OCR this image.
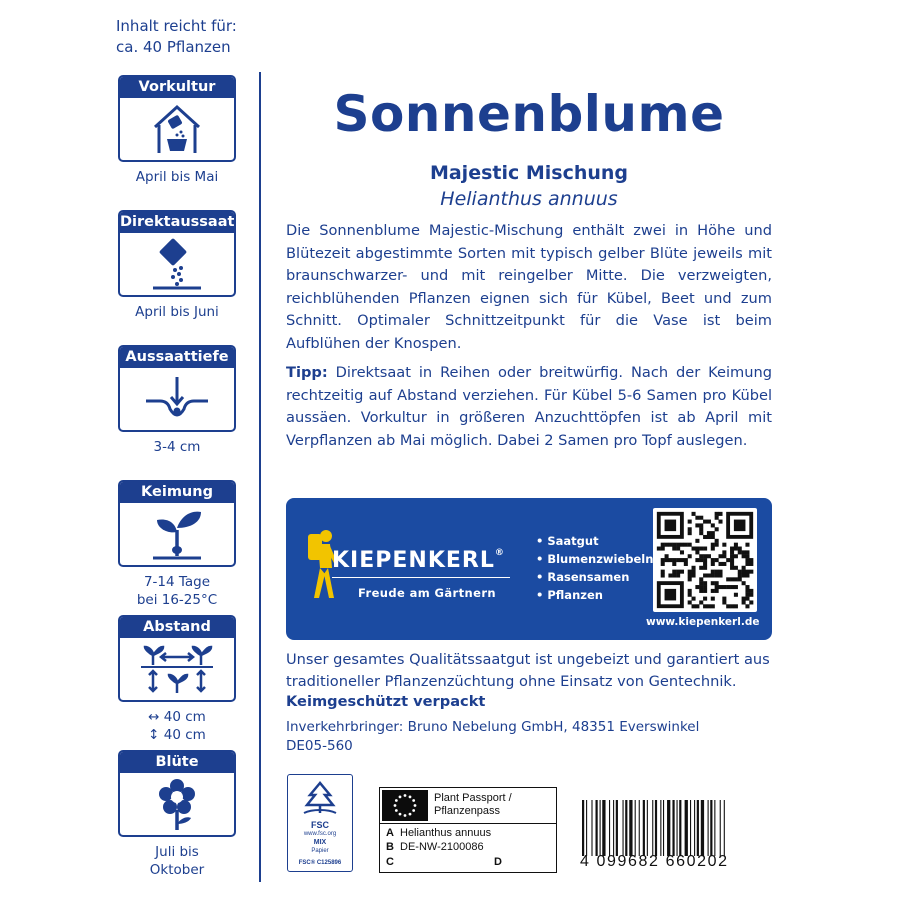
Inhalt reicht für:
ca. 40 Pflanzen
Vorkultur
April bis Mai
Direktaussaat
April bis Juni
Aussaattiefe
3-4 cm
Keimung
7-14 Tage
bei 16-25°C
Abstand
↔ 40 cm
↕ 40 cm
Blüte
Juli bis
Oktober
Sonnenblume
Majestic Mischung
Helianthus annuus
Die Sonnenblume Majestic-Mischung enthält zwei in Höhe und Blütezeit abgestimmte Sorten mit typisch gelber Blüte jeweils mit braunschwarzer- und mit reingelber Mitte. Die verzweigten, reichblühenden Pflanzen eignen sich für Kübel, Beet und zum Schnitt. Optimaler Schnittzeitpunkt für die Vase ist beim Aufblühen der Knospen.
Tipp: Direktsaat in Reihen oder breitwürfig. Nach der Keimung rechtzeitig auf Abstand verziehen. Für Kübel 5-6 Samen pro Kübel aussäen. Vorkultur in größeren Anzuchttöpfen ist ab April mit Verpflanzen ab Mai möglich. Dabei 2 Samen pro Topf auslegen.
KIEPENKERL®
Freude am Gärtnern
• Saatgut
• Blumenzwiebeln
• Rasensamen
• Pflanzen
www.kiepenkerl.de
Unser gesamtes Qualitätssaatgut ist ungebeizt und garantiert aus traditioneller Pflanzenzüchtung ohne Einsatz von Gentechnik.
Keimgeschützt verpackt
Inverkehrbringer: Bruno Nebelung GmbH, 48351 Everswinkel
DE05-560
FSC
www.fsc.org
MIX
Papier
FSC® C125896
Plant Passport /
Pflanzenpass
A Helianthus annuus
B DE-NW-2100086
C	D	4 099682 660202
